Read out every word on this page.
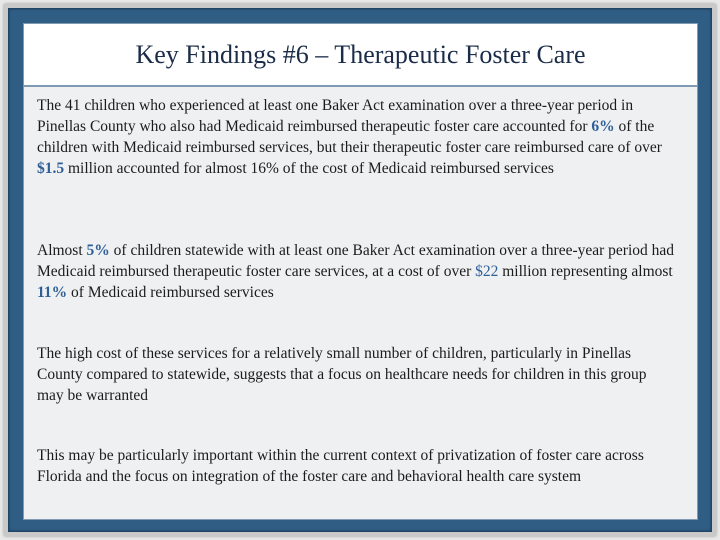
Key Findings #6 – Therapeutic Foster Care
The 41 children who experienced at least one Baker Act examination over a three-year period in Pinellas County who also had Medicaid reimbursed therapeutic foster care accounted for 6% of the children with Medicaid reimbursed services, but their therapeutic foster care reimbursed care of over $1.5 million accounted for almost 16% of the cost of Medicaid reimbursed services
Almost 5% of children statewide with at least one Baker Act examination over a three-year period had Medicaid reimbursed therapeutic foster care services, at a cost of over $22 million representing almost 11% of Medicaid reimbursed services
The high cost of these services for a relatively small number of children, particularly in Pinellas County compared to statewide, suggests that a focus on healthcare needs for children in this group may be warranted
This may be particularly important within the current context of privatization of foster care across Florida and the focus on integration of the foster care and behavioral health care system
